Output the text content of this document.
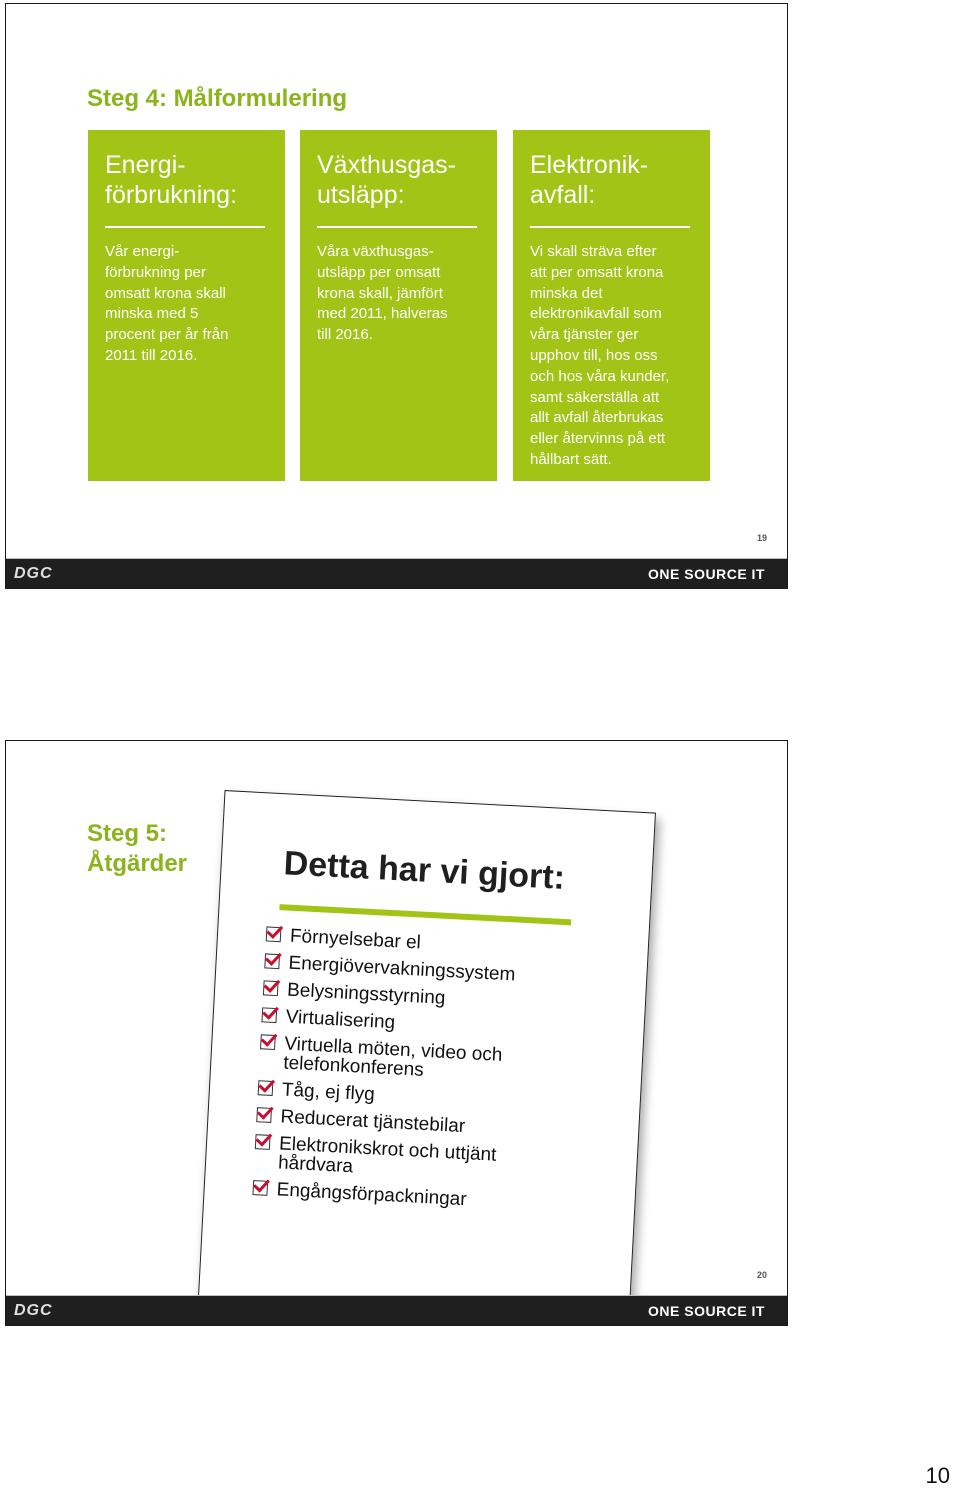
Steg 4: Målformulering
Energi-
förbrukning:

Vår energi-
förbrukning per
omsatt krona skall
minska med 5
procent per år från
2011 till 2016.

Växthusgas-
utsläpp:

Våra växthusgas-
utsläpp per omsatt
krona skall, jämfört
med 2011, halveras
till 2016.

Elektronik-
avfall:

Vi skall sträva efter
att per omsatt krona
minska det
elektronikavfall som
våra tjänster ger
upphov till, hos oss
och hos våra kunder,
samt säkerställa att
allt avfall återbrukas
eller återvinns på ett
hållbart sätt.

19
DGC	ONE SOURCE IT
Steg 5:
Åtgärder	Detta har vi gjort:
Förnyelsebar el
Energiövervakningssystem
Belysningsstyrning
Virtualisering
Virtuella möten, video och
telefonkonferens
Tåg, ej flyg
Reducerat tjänstebilar
Elektronikskrot och uttjänt
hårdvara
Engångsförpackningar
20
DGC	ONE SOURCE IT
10
